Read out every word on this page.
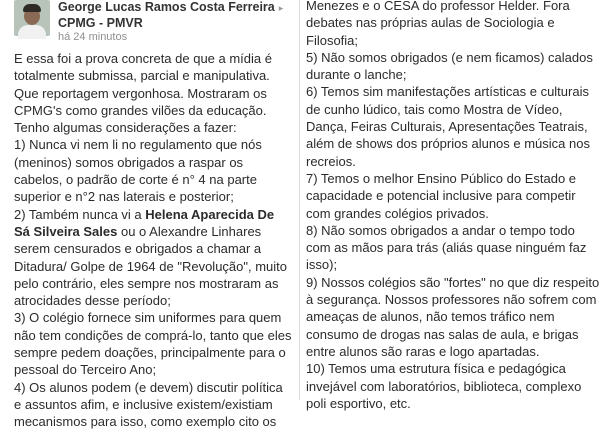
George Lucas Ramos Costa Ferreira ▸
CPMG - PMVR
há 24 minutos

E essa foi a prova concreta de que a mídia é totalmente submissa, parcial e manipulativa. Que reportagem vergonhosa. Mostraram os CPMG's como grandes vilões da educação. Tenho algumas considerações a fazer:

1) Nunca vi nem li no regulamento que nós (meninos) somos obrigados a raspar os cabelos, o padrão de corte é n° 4 na parte superior e n°2 nas laterais e posterior;

2) Também nunca vi a Helena Aparecida De Sá Silveira Sales ou o Alexandre Linhares serem censurados e obrigados a chamar a Ditadura/ Golpe de 1964 de "Revolução", muito pelo contrário, eles sempre nos mostraram as atrocidades desse período;

3) O colégio fornece sim uniformes para quem não tem condições de comprá-lo, tanto que eles sempre pedem doações, principalmente para o pessoal do Terceiro Ano;

4) Os alunos podem (e devem) discutir política e assuntos afim, e inclusive existem/existiam mecanismos para isso, como exemplo cito os

Menezes e o CESA do professor Helder. Fora debates nas próprias aulas de Sociologia e Filosofia;

5) Não somos obrigados (e nem ficamos) calados durante o lanche;

6) Temos sim manifestações artísticas e culturais de cunho lúdico, tais como Mostra de Vídeo, Dança, Feiras Culturais, Apresentações Teatrais, além de shows dos próprios alunos e música nos recreios.

7) Temos o melhor Ensino Público do Estado e capacidade e potencial inclusive para competir com grandes colégios privados.

8) Não somos obrigados a andar o tempo todo com as mãos para trás (aliás quase ninguém faz isso);

9) Nossos colégios são "fortes" no que diz respeito à segurança. Nossos professores não sofrem com ameaças de alunos, não temos tráfico nem consumo de drogas nas salas de aula, e brigas entre alunos são raras e logo apartadas.

10) Temos uma estrutura física e pedagógica invejável com laboratórios, biblioteca, complexo poli esportivo, etc.
